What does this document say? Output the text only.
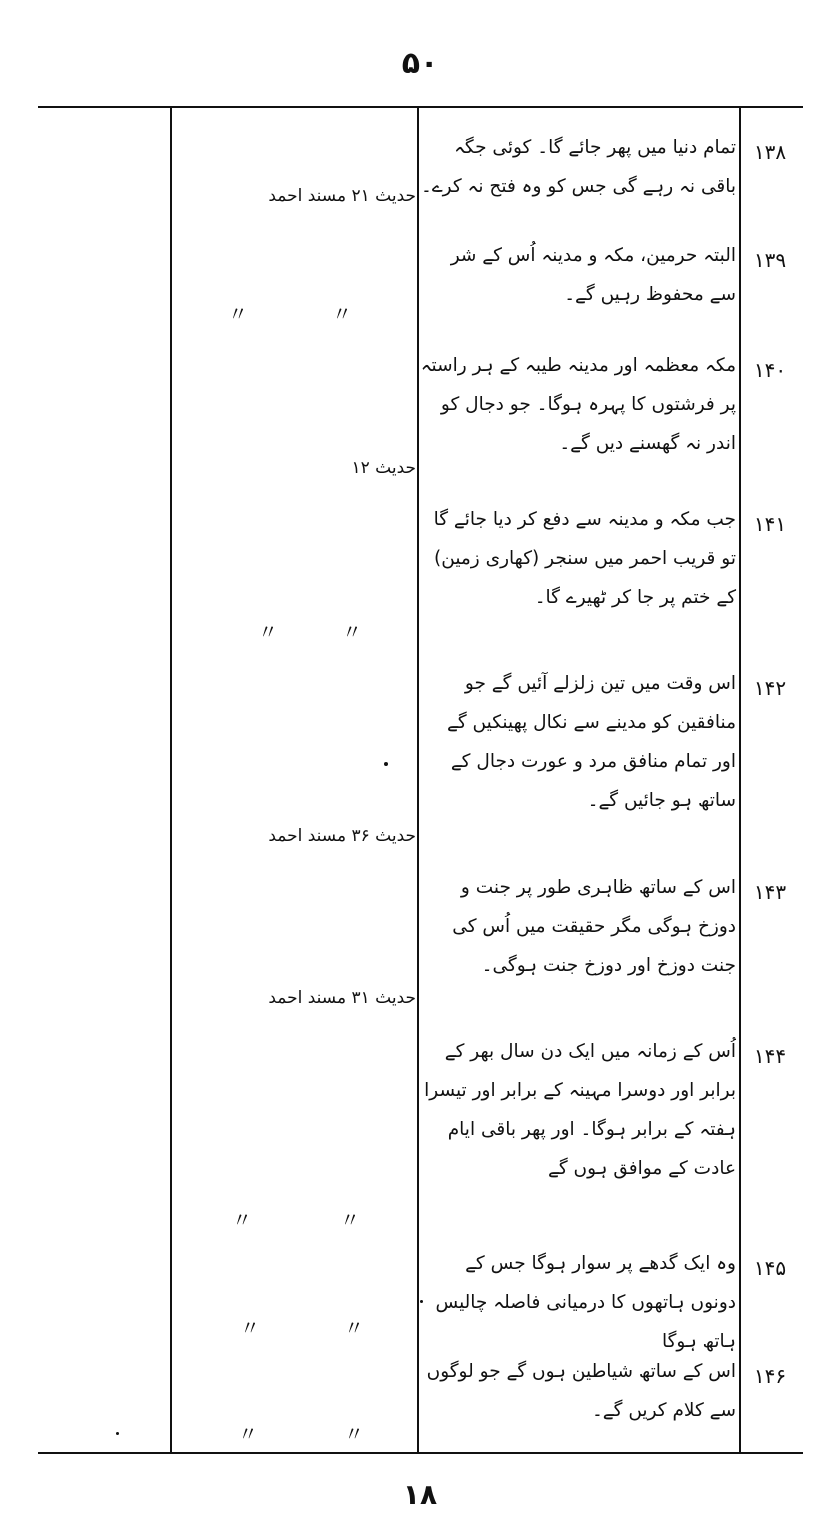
۵۰
۱۳۸
تمام دنیا میں پھر جائے گا۔ کوئی جگہ باقی نہ رہے گی جس کو وہ فتح نہ کرے۔
حدیث ۲۱ مسند احمد
۱۳۹
البتہ حرمین، مکہ و مدینہ اُس کے شر سے محفوظ رہیں گے۔
〃
〃
۱۴۰
مکہ معظمہ اور مدینہ طیبہ کے ہر راستہ پر فرشتوں کا پہرہ ہوگا۔ جو دجال کو اندر نہ گھسنے دیں گے۔
حدیث ۱۲
۱۴۱
جب مکہ و مدینہ سے دفع کر دیا جائے گا تو قریب احمر میں سنجر (کھاری زمین) کے ختم پر جا کر ٹھیرے گا۔
〃
〃
۱۴۲
اس وقت میں تین زلزلے آئیں گے جو منافقین کو مدینے سے نکال پھینکیں گے اور تمام منافق مرد و عورت دجال کے ساتھ ہو جائیں گے۔
حدیث ۳۶ مسند احمد
۱۴۳
اس کے ساتھ ظاہری طور پر جنت و دوزخ ہوگی مگر حقیقت میں اُس کی جنت دوزخ اور دوزخ جنت ہوگی۔
حدیث ۳۱ مسند احمد
۱۴۴
اُس کے زمانہ میں ایک دن سال بھر کے برابر اور دوسرا مہینہ کے برابر اور تیسرا ہفتہ کے برابر ہوگا۔ اور پھر باقی ایام عادت کے موافق ہوں گے
〃
〃
۱۴۵
وہ ایک گدھے پر سوار ہوگا جس کے دونوں ہاتھوں کا درمیانی فاصلہ چالیس ہاتھ ہوگا
〃
〃
۱۴۶
اس کے ساتھ شیاطین ہوں گے جو لوگوں سے کلام کریں گے۔
〃
〃
۱۸
